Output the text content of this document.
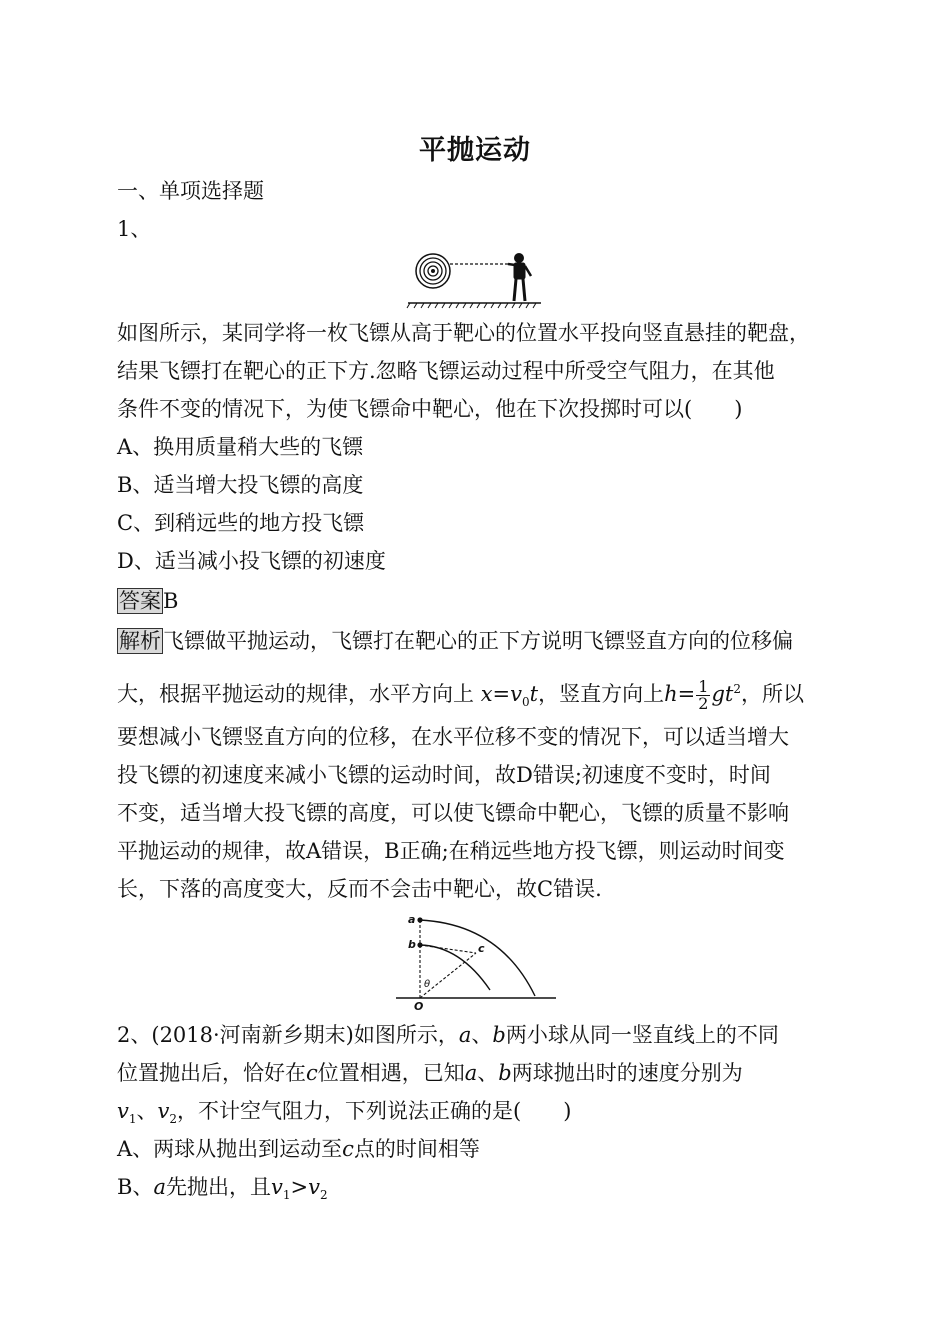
平抛运动
一、单项选择题
1、
如图所示，某同学将一枚飞镖从高于靶心的位置水平投向竖直悬挂的靶盘，
结果飞镖打在靶心的正下方.忽略飞镖运动过程中所受空气阻力，在其他
条件不变的情况下，为使飞镖命中靶心，他在下次投掷时可以(　　)
A、换用质量稍大些的飞镖
B、适当增大投飞镖的高度
C、到稍远些的地方投飞镖
D、适当减小投飞镖的初速度
答案B
解析飞镖做平抛运动，飞镖打在靶心的正下方说明飞镖竖直方向的位移偏
大，根据平抛运动的规律，水平方向上 $x=v_0t$，竖直方向上$h= \frac{1}{2} gt^2$，所以
要想减小飞镖竖直方向的位移，在水平位移不变的情况下，可以适当增大
投飞镖的初速度来减小飞镖的运动时间，故D错误;初速度不变时，时间
不变，适当增大投飞镖的高度，可以使飞镖命中靶心，飞镖的质量不影响
平抛运动的规律，故A错误，B正确;在稍远些地方投飞镖，则运动时间变
长，下落的高度变大，反而不会击中靶心，故C错误.
a
b	c
θ
O
2、(2018·河南新乡期末)如图所示，a、b两小球从同一竖直线上的不同
位置抛出后，恰好在c位置相遇，已知a、b两球抛出时的速度分别为
$v_1$、$v_2$，不计空气阻力，下列说法正确的是(　　)
A、两球从抛出到运动至c点的时间相等
B、a先抛出，且$v_1>v_2$
